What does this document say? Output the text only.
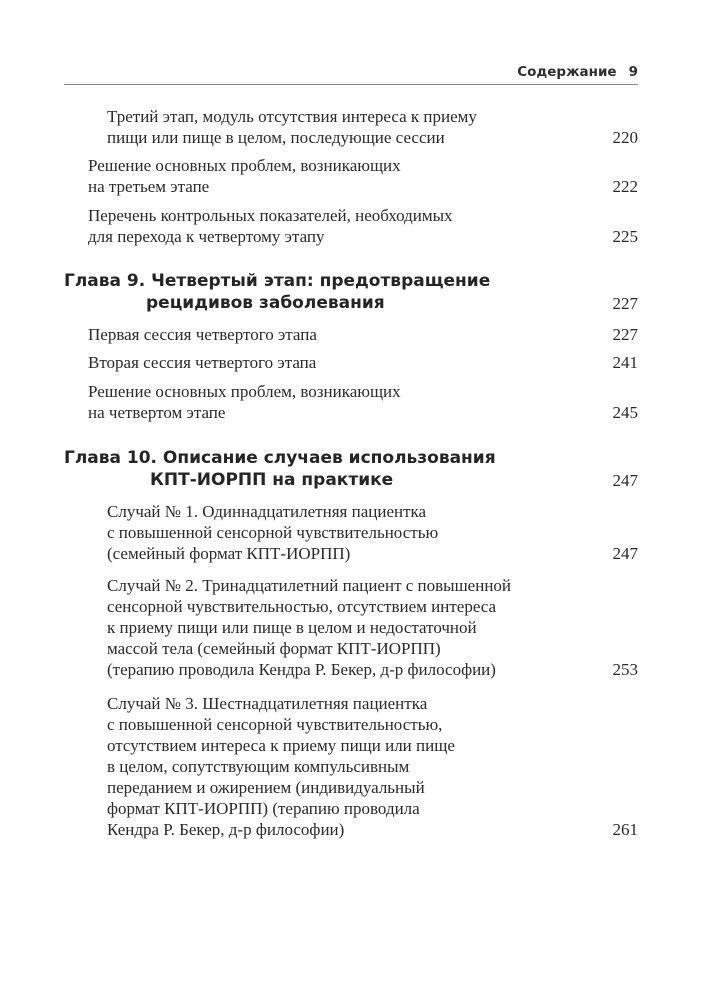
Содержание 9
Третий этап, модуль отсутствия интереса к приему
пищи или пище в целом, последующие сессии	220
Решение основных проблем, возникающих
на третьем этапе	222
Перечень контрольных показателей, необходимых
для перехода к четвертому этапу	225
Глава 9. Четвертый этап: предотвращение
рецидивов заболевания	227
Первая сессия четвертого этапа	227
Вторая сессия четвертого этапа	241
Решение основных проблем, возникающих
на четвертом этапе	245
Глава 10. Описание случаев использования
КПТ-ИОРПП на практике	247
Случай № 1. Одиннадцатилетняя пациентка
с повышенной сенсорной чувствительностью
(семейный формат КПТ-ИОРПП)	247
Случай № 2. Тринадцатилетний пациент с повышенной
сенсорной чувствительностью, отсутствием интереса
к приему пищи или пище в целом и недостаточной
массой тела (семейный формат КПТ-ИОРПП)
(терапию проводила Кендра Р. Бекер, д-р философии)	253
Случай № 3. Шестнадцатилетняя пациентка
с повышенной сенсорной чувствительностью,
отсутствием интереса к приему пищи или пище
в целом, сопутствующим компульсивным
переданием и ожирением (индивидуальный
формат КПТ-ИОРПП) (терапию проводила
Кендра Р. Бекер, д-р философии)	261
